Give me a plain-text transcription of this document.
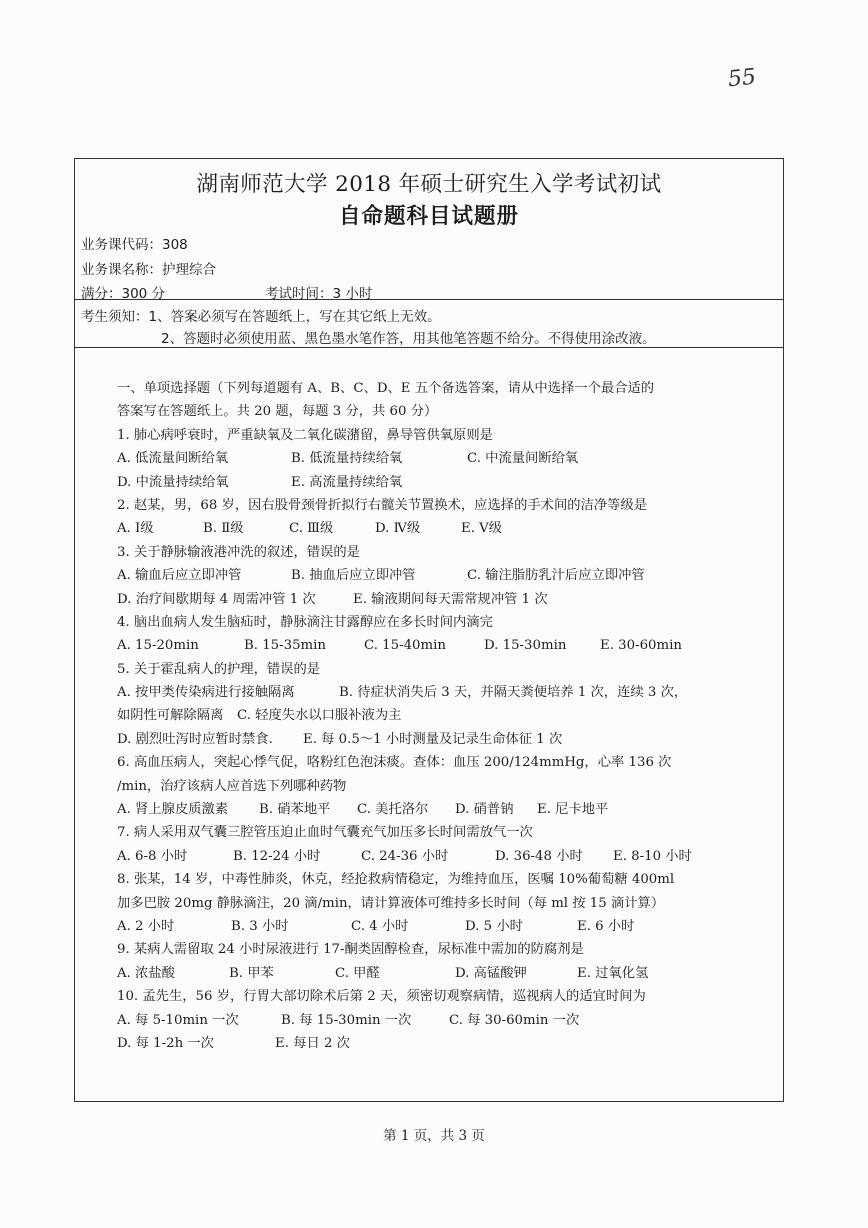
55
湖南师范大学 2018 年硕士研究生入学考试初试
自命题科目试题册
业务课代码：308
业务课名称：护理综合
满分：300 分	考试时间：3 小时
考生须知：1、答案必须写在答题纸上，写在其它纸上无效。
2、答题时必须使用蓝、黑色墨水笔作答，用其他笔答题不给分。不得使用涂改液。
一、单项选择题（下列每道题有 A、B、C、D、E 五个备选答案，请从中选择一个最合适的
答案写在答题纸上。共 20 题，每题 3 分，共 60 分）
1. 肺心病呼衰时，严重缺氧及二氧化碳潴留，鼻导管供氧原则是
A. 低流量间断给氧	B. 低流量持续给氧	C. 中流量间断给氧
D. 中流量持续给氧	E. 高流量持续给氧
2. 赵某，男，68 岁，因右股骨颈骨折拟行右髋关节置换术，应选择的手术间的洁净等级是
A. Ⅰ级	B. Ⅱ级	C. Ⅲ级	D. Ⅳ级	E. Ⅴ级
3. 关于静脉输液港冲洗的叙述，错误的是
A. 输血后应立即冲管	B. 抽血后应立即冲管	C. 输注脂肪乳汁后应立即冲管
D. 治疗间歇期每 4 周需冲管 1 次	E. 输液期间每天需常规冲管 1 次
4. 脑出血病人发生脑疝时，静脉滴注甘露醇应在多长时间内滴完
A. 15-20min	B. 15-35min	C. 15-40min	D. 15-30min	E. 30-60min
5. 关于霍乱病人的护理，错误的是
A. 按甲类传染病进行接触隔离	B. 待症状消失后 3 天，并隔天粪便培养 1 次，连续 3 次，
如阴性可解除隔离 C. 轻度失水以口服补液为主
D. 剧烈吐泻时应暂时禁食. E. 每 0.5～1 小时测量及记录生命体征 1 次
6. 高血压病人，突起心悸气促，咯粉红色泡沫痰。查体：血压 200/124mmHg，心率 136 次
/min，治疗该病人应首选下列哪种药物
A. 肾上腺皮质激素 B. 硝苯地平 C. 美托洛尔 D. 硝普钠 E. 尼卡地平
7. 病人采用双气囊三腔管压迫止血时气囊充气加压多长时间需放气一次
A. 6-8 小时	B. 12-24 小时	C. 24-36 小时	D. 36-48 小时 E. 8-10 小时
8. 张某，14 岁，中毒性肺炎，休克，经抢救病情稳定，为维持血压，医嘱 10%葡萄糖 400ml
加多巴胺 20mg 静脉滴注，20 滴/min，请计算液体可维持多长时间（每 ml 按 15 滴计算）
A. 2 小时	B. 3 小时	C. 4 小时	D. 5 小时	E. 6 小时
9. 某病人需留取 24 小时尿液进行 17-酮类固醇检查，尿标准中需加的防腐剂是
A. 浓盐酸	B. 甲苯	C. 甲醛	D. 高锰酸钾	E. 过氧化氢
10. 孟先生，56 岁，行胃大部切除术后第 2 天，须密切观察病情，巡视病人的适宜时间为
A. 每 5-10min 一次	B. 每 15-30min 一次	C. 每 30-60min 一次
D. 每 1-2h 一次	E. 每日 2 次
第 1 页，共 3 页
